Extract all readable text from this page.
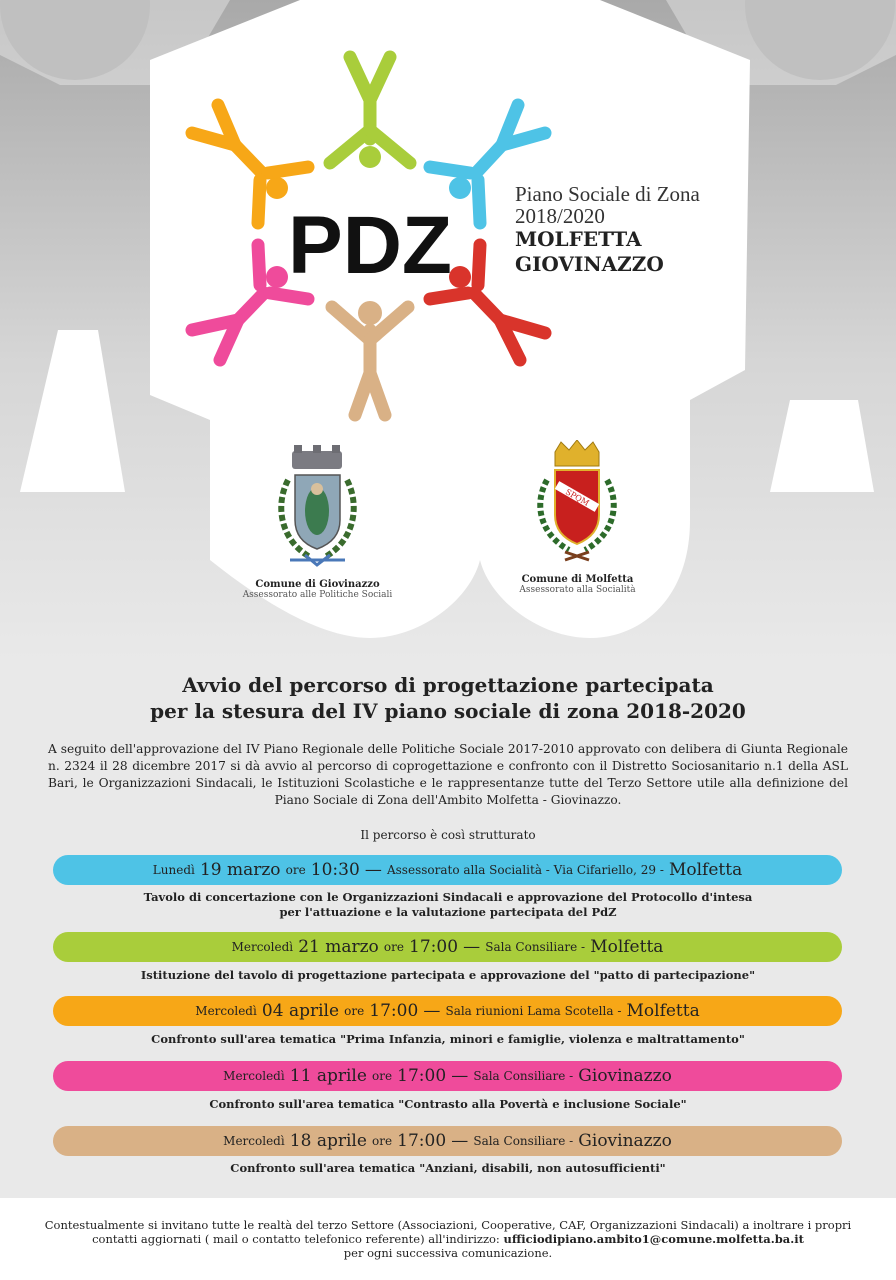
PDZ
Piano Sociale di Zona
2018/2020
MOLFETTA
GIOVINAZZO
Comune di Giovinazzo
Assessorato alle Politiche Sociali
SPQM
Comune di Molfetta
Assessorato alla Socialità
Avvio del percorso di progettazione partecipata
per la stesura del IV piano sociale di zona 2018-2020
A seguito dell'approvazione del IV Piano Regionale delle Politiche Sociale 2017-2010 approvato con delibera di Giunta Regionale n. 2324 il 28 dicembre 2017 si dà avvio al percorso di coprogettazione e confronto con il Distretto Sociosanitario n.1 della ASL Bari, le Organizzazioni Sindacali, le Istituzioni Scolastiche e le rappresentanze tutte del Terzo Settore utile alla definizione del Piano Sociale di Zona dell'Ambito Molfetta - Giovinazzo.
Il percorso è così strutturato
Lunedì
19 marzo
ore
10:30
—
Assessorato alla Socialità - Via Cifariello, 29 -
Molfetta
Tavolo di concertazione con le Organizzazioni Sindacali e approvazione del Protocollo d'intesa
per l'attuazione e la valutazione partecipata del PdZ
Mercoledì
21 marzo
ore
17:00
—
Sala Consiliare -
Molfetta
Istituzione del tavolo di progettazione partecipata e approvazione del "patto di partecipazione"
Mercoledì
04 aprile
ore
17:00
—
Sala riunioni Lama Scotella -
Molfetta
Confronto sull'area tematica "Prima Infanzia, minori e famiglie, violenza e maltrattamento"
Mercoledì
11 aprile
ore
17:00
—
Sala Consiliare -
Giovinazzo
Confronto sull'area tematica "Contrasto alla Povertà e inclusione Sociale"
Mercoledì
18 aprile
ore
17:00
—
Sala Consiliare -
Giovinazzo
Confronto sull'area tematica "Anziani, disabili, non autosufficienti"
Contestualmente si invitano tutte le realtà del terzo Settore (Associazioni, Cooperative, CAF, Organizzazioni Sindacali) a inoltrare i propri contatti aggiornati ( mail o contatto telefonico referente) all'indirizzo: ufficiodipiano.ambito1@comune.molfetta.ba.it
per ogni successiva comunicazione.
